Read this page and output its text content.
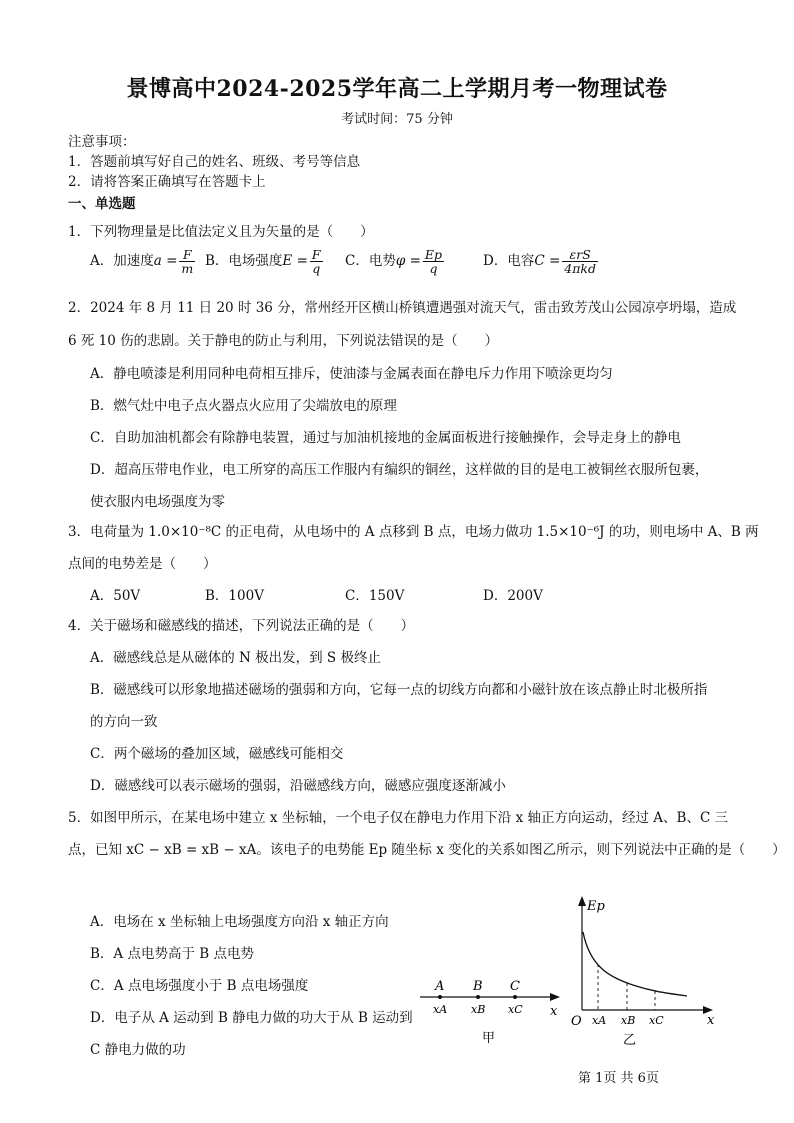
景博高中2024-2025学年高二上学期月考一物理试卷
考试时间：75 分钟
注意事项：
1．答题前填写好自己的姓名、班级、考号等信息
2．请将答案正确填写在答题卡上
一、单选题
1．下列物理量是比值法定义且为矢量的是（　　）
A．加速度$a = \frac{F}{m}$ B．电场强度$E = \frac{F}{q}$ C．电势$\varphi = \frac{Ep}{q}$	D．电容$C = \frac{\text{εrS}}{\text{4πkd}}$
2．2024 年 8 月 11 日 20 时 36 分，常州经开区横山桥镇遭遇强对流天气，雷击致芳茂山公园凉亭坍塌，造成
6 死 10 伤的悲剧。关于静电的防止与利用，下列说法错误的是（　　）
A．静电喷漆是利用同种电荷相互排斥，使油漆与金属表面在静电斥力作用下喷涂更均匀
B．燃气灶中电子点火器点火应用了尖端放电的原理
C．自助加油机都会有除静电装置，通过与加油机接地的金属面板进行接触操作，会导走身上的静电
D．超高压带电作业，电工所穿的高压工作服内有编织的铜丝，这样做的目的是电工被铜丝衣服所包裹，
使衣服内电场强度为零
3．电荷量为 1.0×10⁻⁸C 的正电荷，从电场中的 A 点移到 B 点，电场力做功 1.5×10⁻⁶J 的功，则电场中 A、B 两
点间的电势差是（　　）
A．50V	B．100V	C．150V	D．200V
4．关于磁场和磁感线的描述，下列说法正确的是（　　）
A．磁感线总是从磁体的 N 极出发，到 S 极终止
B．磁感线可以形象地描述磁场的强弱和方向，它每一点的切线方向都和小磁针放在该点静止时北极所指
的方向一致
C．两个磁场的叠加区域，磁感线可能相交
D．磁感线可以表示磁场的强弱，沿磁感线方向，磁感应强度逐渐减小
5．如图甲所示，在某电场中建立 x 坐标轴，一个电子仅在静电力作用下沿 x 轴正方向运动，经过 A、B、C 三
点，已知 xC − xB = xB − xA。该电子的电势能 Ep 随坐标 x 变化的关系如图乙所示，则下列说法中正确的是（　　）
A．电场在 x 坐标轴上电场强度方向沿 x 轴正方向
B．A 点电势高于 B 点电势
C．A 点电场强度小于 B 点电场强度
D．电子从 A 运动到 B 静电力做的功大于从 B 运动到
C 静电力做的功
x
A B C
xA xB xC
甲
Ep
x
O xA xB xC
乙
第 1页 共 6页
